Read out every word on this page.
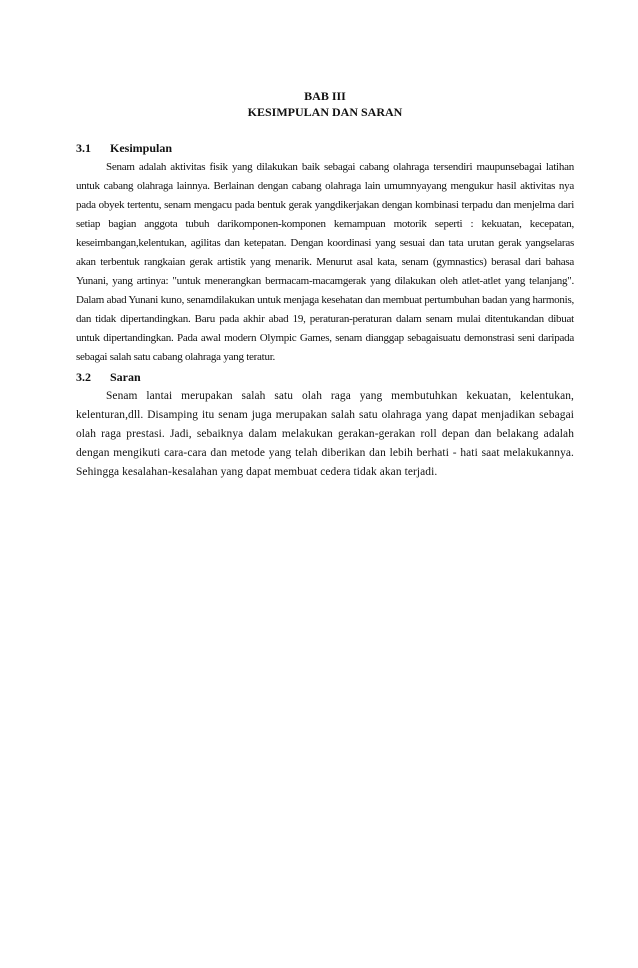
BAB III

KESIMPULAN DAN SARAN

3.1	Kesimpulan

Senam adalah aktivitas fisik yang dilakukan baik sebagai cabang olahraga tersendiri maupunsebagai latihan untuk cabang olahraga lainnya. Berlainan dengan cabang olahraga lain umumnyayang mengukur hasil aktivitas nya pada obyek tertentu, senam mengacu pada bentuk gerak yangdikerjakan dengan kombinasi terpadu dan menjelma dari setiap bagian anggota tubuh darikomponen-komponen kemampuan motorik seperti : kekuatan, kecepatan, keseimbangan,kelentukan, agilitas dan ketepatan. Dengan koordinasi yang sesuai dan tata urutan gerak yangselaras akan terbentuk rangkaian gerak artistik yang menarik. Menurut asal kata, senam (gymnastics) berasal dari bahasa Yunani, yang artinya: "untuk menerangkan bermacam-macamgerak yang dilakukan oleh atlet-atlet yang telanjang". Dalam abad Yunani kuno, senamdilakukan untuk menjaga kesehatan dan membuat pertumbuhan badan yang harmonis, dan tidak dipertandingkan. Baru pada akhir abad 19, peraturan-peraturan dalam senam mulai ditentukandan dibuat untuk dipertandingkan. Pada awal modern Olympic Games, senam dianggap sebagaisuatu demonstrasi seni daripada sebagai salah satu cabang olahraga yang teratur.

3.2	Saran

Senam lantai merupakan salah satu olah raga yang membutuhkan kekuatan, kelentukan, kelenturan,dll. Disamping itu senam juga merupakan salah satu olahraga yang dapat menjadikan sebagai olah raga prestasi. Jadi, sebaiknya dalam melakukan gerakan-gerakan roll depan dan belakang adalah dengan mengikuti cara-cara dan metode yang telah diberikan dan lebih berhati - hati saat melakukannya. Sehingga kesalahan-kesalahan yang dapat membuat cedera tidak akan terjadi.
